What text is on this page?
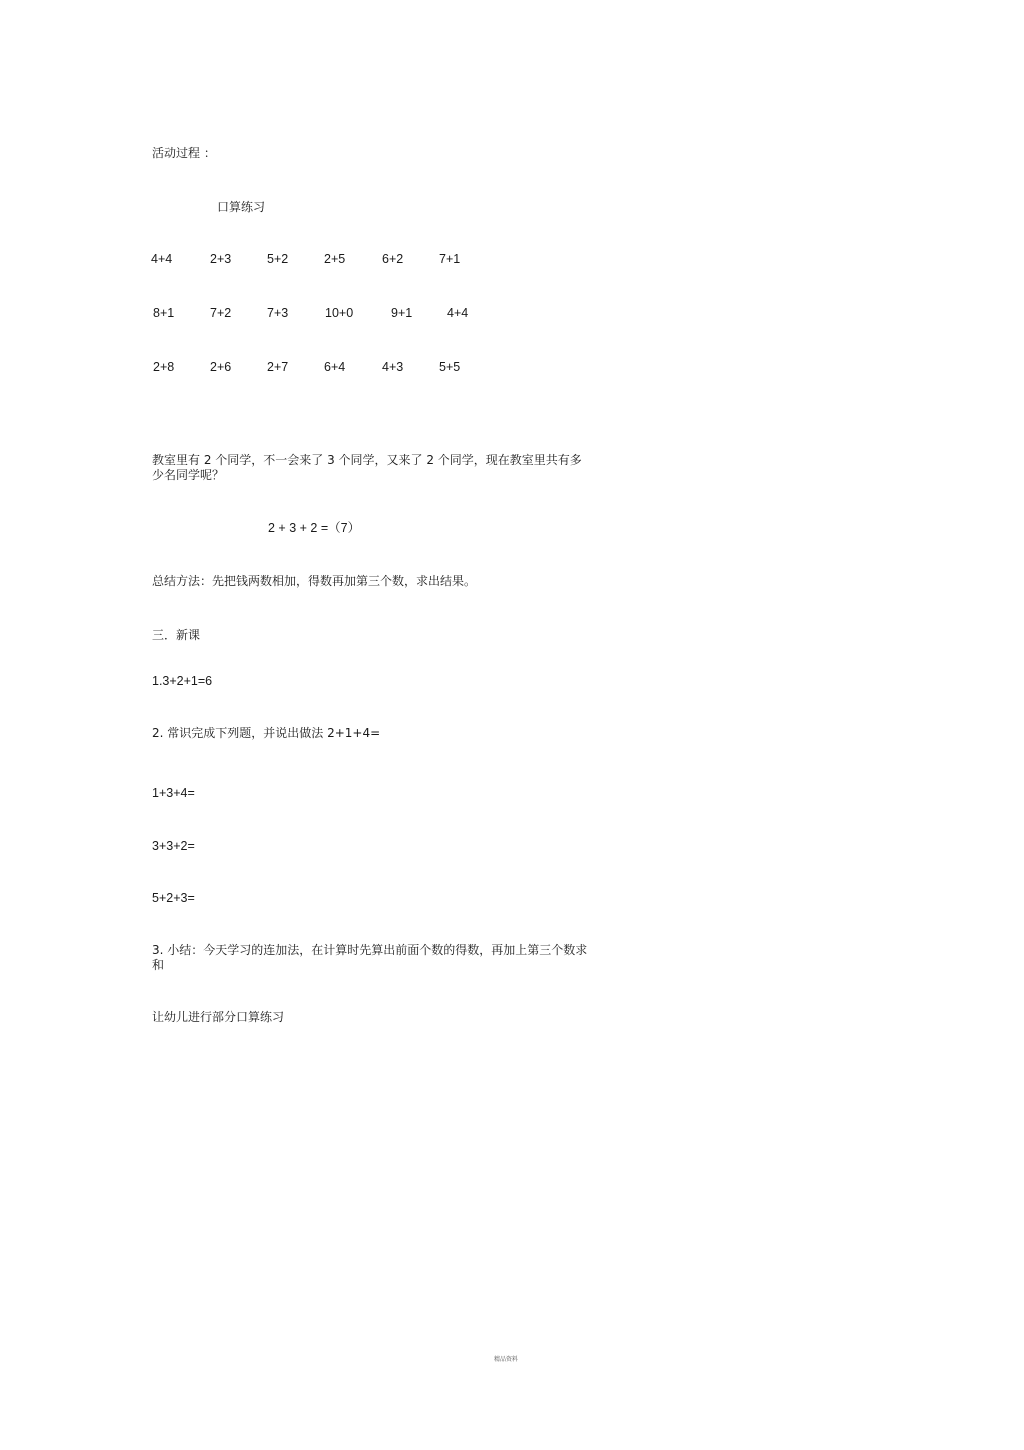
活动过程 ：
口算练习
4+4	2+3	5+2	2+5	6+2	7+1
8+1	7+2	7+3	10+0	9+1	4+4
2+8	2+6	2+7	6+4	4+3	5+5
教室里有 2 个同学，不一会来了 3 个同学，又来了 2 个同学，现在教室里共有多
少名同学呢？
2 + 3 + 2 =（7）
总结方法：先把钱两数相加，得数再加第三个数，求出结果。
三．新课
1.3+2+1=6
2. 常识完成下列题，并说出做法 2+1+4=
1+3+4=
3+3+2=
5+2+3=
3. 小结：今天学习的连加法，在计算时先算出前面个数的得数，再加上第三个数求
和
让幼儿进行部分口算练习
精品资料
